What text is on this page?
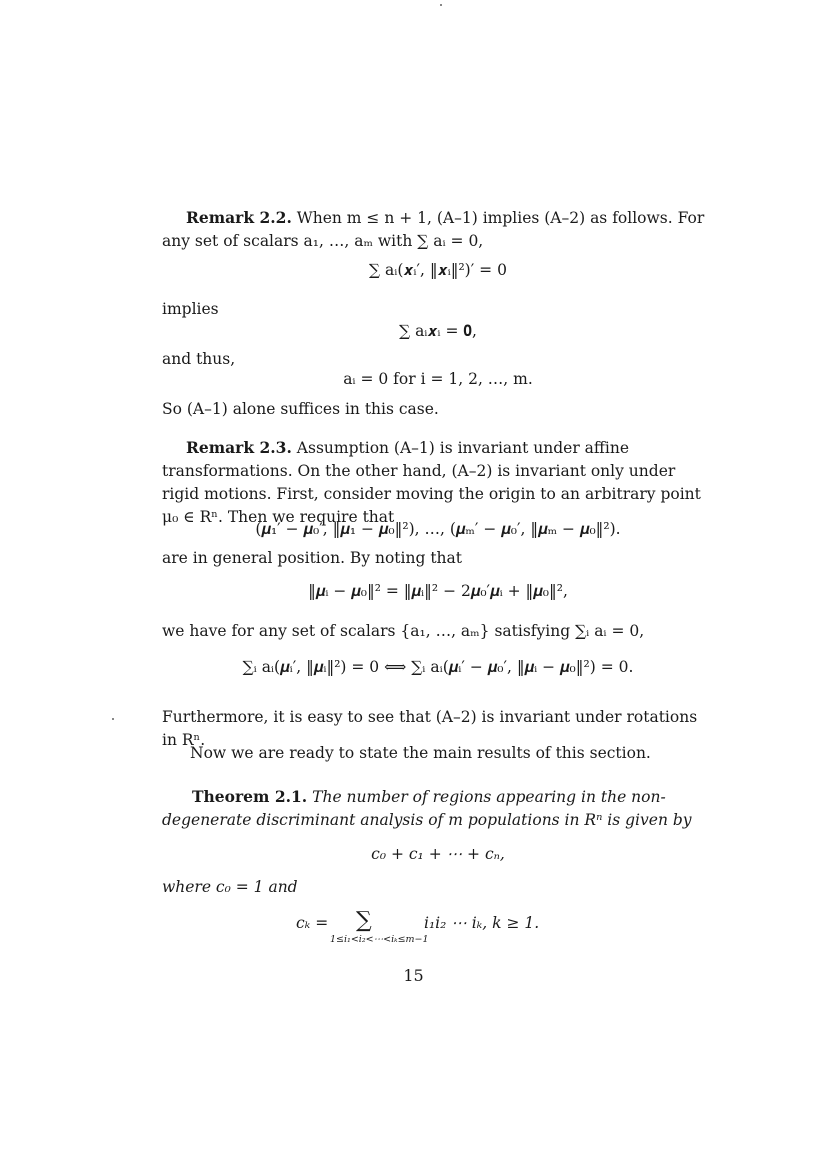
Remark 2.2. When m ≤ n + 1, (A–1) implies (A–2) as follows. For any set of scalars a₁, …, aₘ with ∑ aᵢ = 0,

∑ aᵢ(𝒙ᵢ′, ‖𝒙ᵢ‖²)′ = 0

implies

∑ aᵢ𝒙ᵢ = 𝟎,

and thus,

aᵢ = 0 for i = 1, 2, …, m.

So (A–1) alone suffices in this case.

Remark 2.3. Assumption (A–1) is invariant under affine transformations. On the other hand, (A–2) is invariant only under rigid motions. First, consider moving the origin to an arbitrary point μ₀ ∈ Rⁿ. Then we require that

(𝝁₁′ − 𝝁₀′, ‖𝝁₁ − 𝝁₀‖²), …, (𝝁ₘ′ − 𝝁₀′, ‖𝝁ₘ − 𝝁₀‖²).

are in general position. By noting that

‖𝝁ᵢ − 𝝁₀‖² = ‖𝝁ᵢ‖² − 2𝝁₀′𝝁ᵢ + ‖𝝁₀‖²,

we have for any set of scalars {a₁, …, aₘ} satisfying ∑ᵢ aᵢ = 0,

∑ᵢ aᵢ(𝝁ᵢ′, ‖𝝁ᵢ‖²) = 0 ⟺ ∑ᵢ aᵢ(𝝁ᵢ′ − 𝝁₀′, ‖𝝁ᵢ − 𝝁₀‖²) = 0.

Furthermore, it is easy to see that (A–2) is invariant under rotations in Rⁿ.

Now we are ready to state the main results of this section.

Theorem 2.1. The number of regions appearing in the non-degenerate discriminant analysis of m populations in Rⁿ is given by

c₀ + c₁ + ⋯ + cₙ,

where c₀ = 1 and

cₖ = ∑
1≤i₁<i₂<⋯<iₖ≤m−1
i₁i₂ ⋯ iₖ, k ≥ 1.
15
